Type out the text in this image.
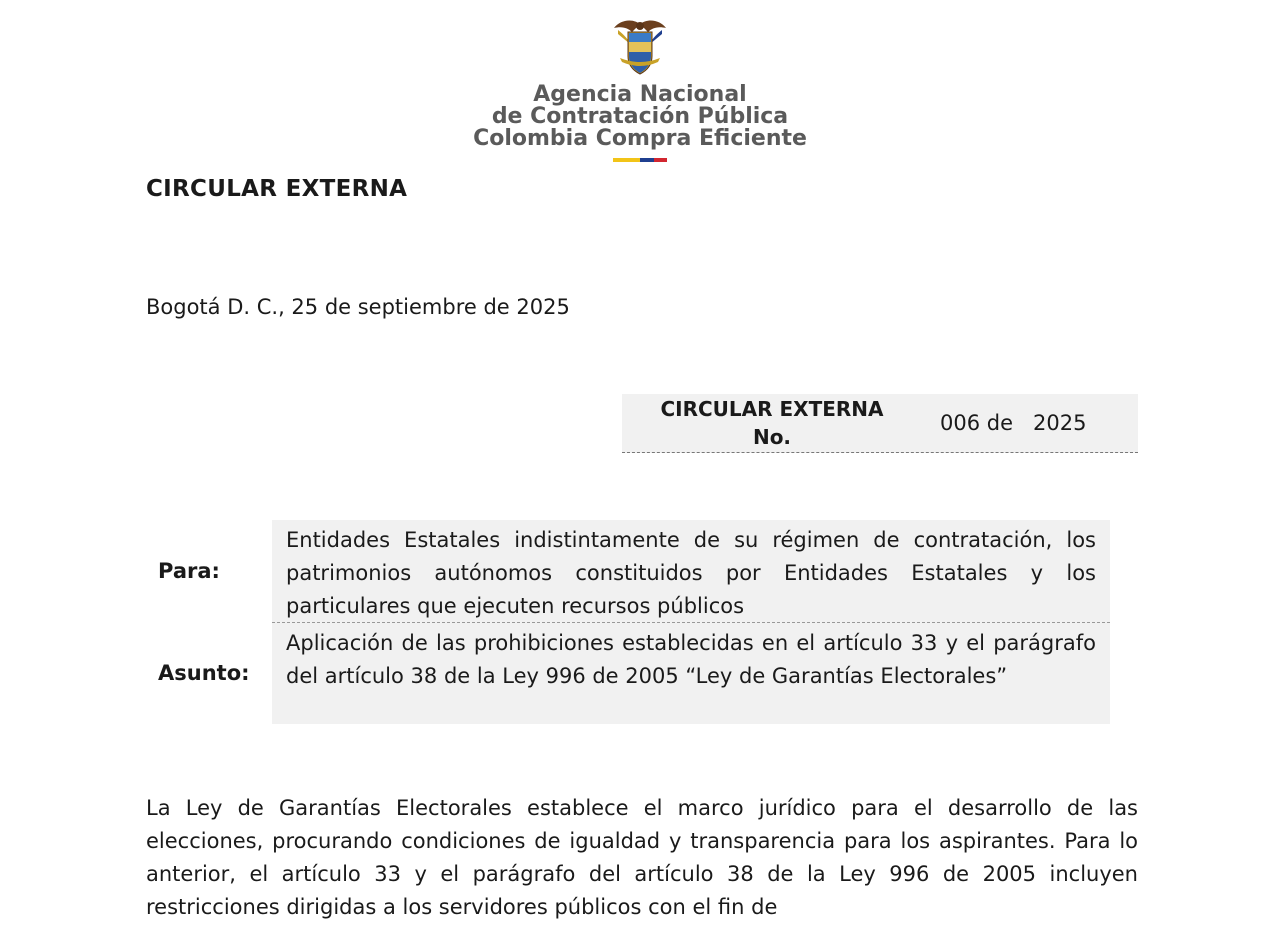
Agencia Nacional
de Contratación Pública
Colombia Compra Eficiente
CIRCULAR EXTERNA
Bogotá D. C., 25 de septiembre de 2025
CIRCULAR EXTERNA
No.
006 de 2025
Para:
Entidades Estatales indistintamente de su régimen de contratación, los patrimonios autónomos constituidos por Entidades Estatales y los particulares que ejecuten recursos públicos
Asunto:
Aplicación de las prohibiciones establecidas en el artículo 33 y el parágrafo del artículo 38 de la Ley 996 de 2005 “Ley de Garantías Electorales”
La Ley de Garantías Electorales establece el marco jurídico para el desarrollo de las elecciones, procurando condiciones de igualdad y transparencia para los aspirantes. Para lo anterior, el artículo 33 y el parágrafo del artículo 38 de la Ley 996 de 2005 incluyen restricciones dirigidas a los servidores públicos con el fin de
